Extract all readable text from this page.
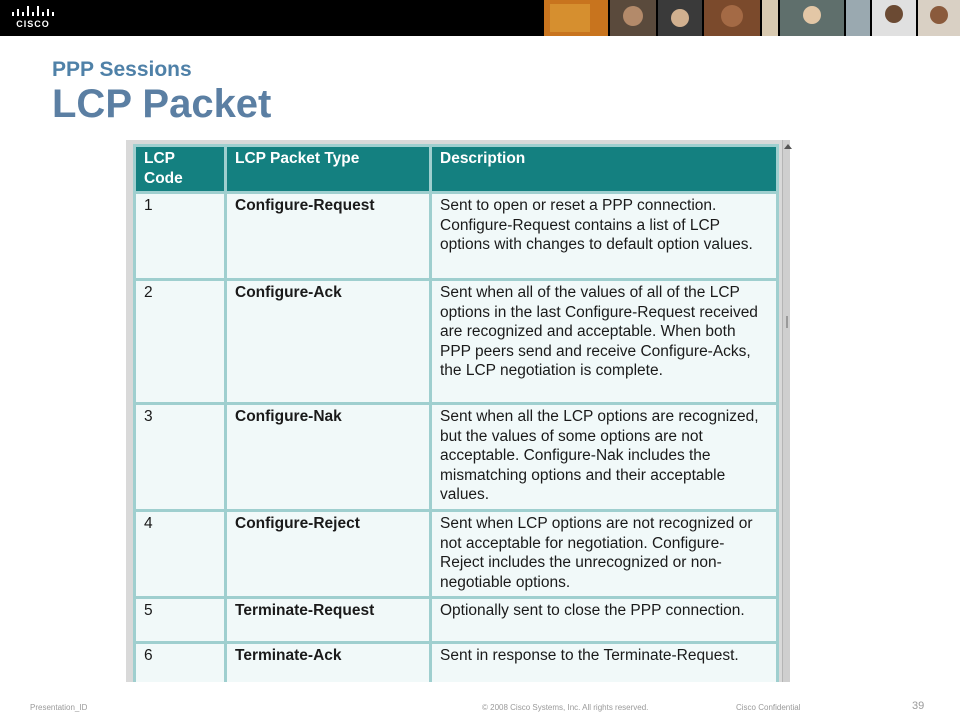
CISCO
PPP Sessions
LCP Packet
LCP
Code	LCP Packet Type	Description
1	Configure-Request	Sent to open or reset a PPP connection. Configure-Request contains a list of LCP options with changes to default option values.
2	Configure-Ack	Sent when all of the values of all of the LCP options in the last Configure-Request received are recognized and acceptable. When both PPP peers send and receive Configure-Acks, the LCP negotiation is complete.
3	Configure-Nak	Sent when all the LCP options are recognized, but the values of some options are not acceptable. Configure-Nak includes the mismatching options and their acceptable values.
4	Configure-Reject	Sent when LCP options are not recognized or not acceptable for negotiation. Configure-Reject includes the unrecognized or non-negotiable options.
5	Terminate-Request	Optionally sent to close the PPP connection.
6	Terminate-Ack	Sent in response to the Terminate-Request.
Presentation_ID	© 2008 Cisco Systems, Inc. All rights reserved.	Cisco Confidential	39
